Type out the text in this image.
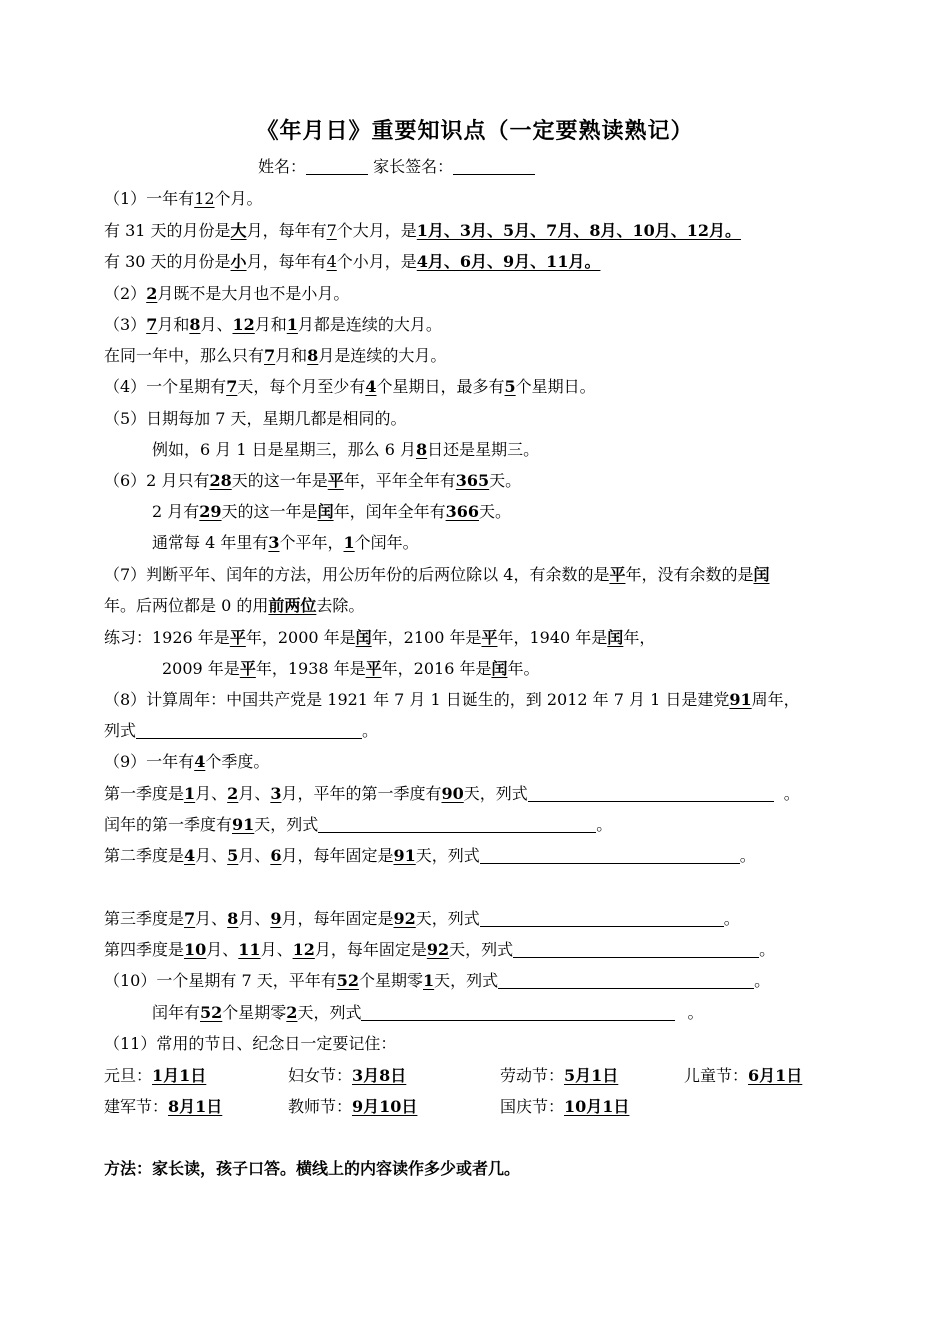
《年月日》重要知识点（一定要熟读熟记）
姓名：	家长签名：
（1）一年有12个月。
有 31 天的月份是大月，每年有7个大月，是1月、3月、5月、7月、8月、10月、12月。
有 30 天的月份是小月，每年有4个小月，是4月、6月、9月、11月。
（2）2月既不是大月也不是小月。
（3）7月和8月、12月和1月都是连续的大月。
在同一年中，那么只有7月和8月是连续的大月。
（4）一个星期有7天，每个月至少有4个星期日，最多有5个星期日。
（5）日期每加 7 天，星期几都是相同的。
例如，6 月 1 日是星期三，那么 6 月8日还是星期三。
（6）2 月只有28天的这一年是平年，平年全年有365天。
2 月有29天的这一年是闰年，闰年全年有366天。
通常每 4 年里有3个平年，1个闰年。
（7）判断平年、闰年的方法，用公历年份的后两位除以 4，有余数的是平年，没有余数的是闰
年。后两位都是 0 的用前两位去除。
练习：1926 年是平年，2000 年是闰年，2100 年是平年，1940 年是闰年，
2009 年是平年，1938 年是平年，2016 年是闰年。
（8）计算周年：中国共产党是 1921 年 7 月 1 日诞生的，到 2012 年 7 月 1 日是建党91周年，
列式	。
（9）一年有4个季度。
第一季度是1月、2月、3月，平年的第一季度有90天，列式	。
闰年的第一季度有91天，列式	。
第二季度是4月、5月、6月，每年固定是91天，列式	。
第三季度是7月、8月、9月，每年固定是92天，列式	。
第四季度是10月、11月、12月，每年固定是92天，列式	。
（10）一个星期有 7 天，平年有52个星期零1天，列式	。
闰年有52个星期零2天，列式	。
（11）常用的节日、纪念日一定要记住：
元旦：1月1日	妇女节：3月8日	劳动节：5月1日	儿童节：6月1日
建军节：8月1日	教师节：9月10日	国庆节：10月1日
方法：家长读，孩子口答。横线上的内容读作多少或者几。
